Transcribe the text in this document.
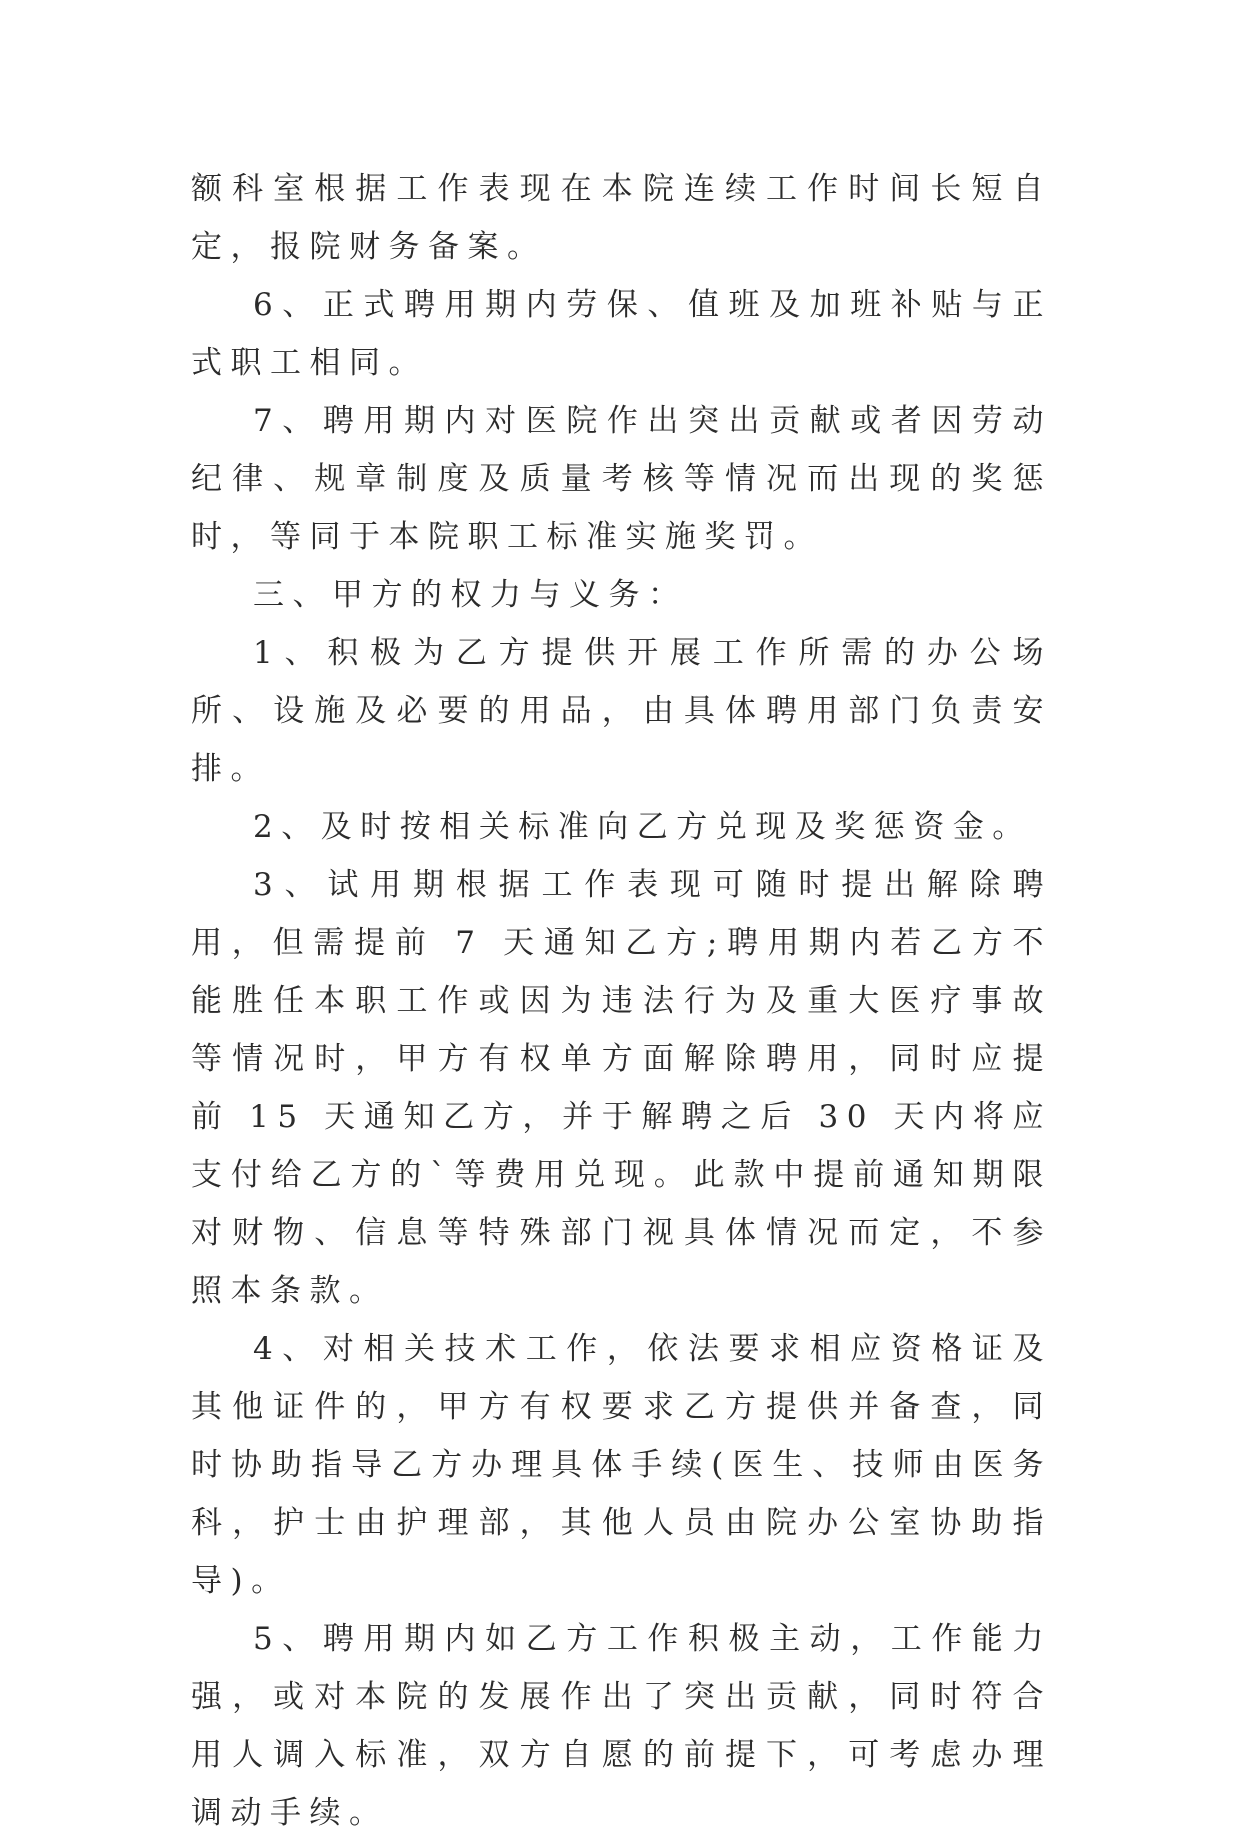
额科室根据工作表现在本院连续工作时间长短自定，报院财务备案。

6、正式聘用期内劳保、值班及加班补贴与正式职工相同。

7、聘用期内对医院作出突出贡献或者因劳动纪律、规章制度及质量考核等情况而出现的奖惩时，等同于本院职工标准实施奖罚。

三、甲方的权力与义务：

1、积极为乙方提供开展工作所需的办公场所、设施及必要的用品，由具体聘用部门负责安排。

2、及时按相关标准向乙方兑现及奖惩资金。

3、试用期根据工作表现可随时提出解除聘用，但需提前 7 天通知乙方;聘用期内若乙方不能胜任本职工作或因为违法行为及重大医疗事故等情况时，甲方有权单方面解除聘用，同时应提前 15 天通知乙方，并于解聘之后 30 天内将应支付给乙方的`等费用兑现。此款中提前通知期限对财物、信息等特殊部门视具体情况而定，不参照本条款。

4、对相关技术工作，依法要求相应资格证及其他证件的，甲方有权要求乙方提供并备查，同时协助指导乙方办理具体手续(医生、技师由医务科，护士由护理部，其他人员由院办公室协助指导)。

5、聘用期内如乙方工作积极主动，工作能力强，或对本院的发展作出了突出贡献，同时符合用人调入标准，双方自愿的前提下，可考虑办理调动手续。
